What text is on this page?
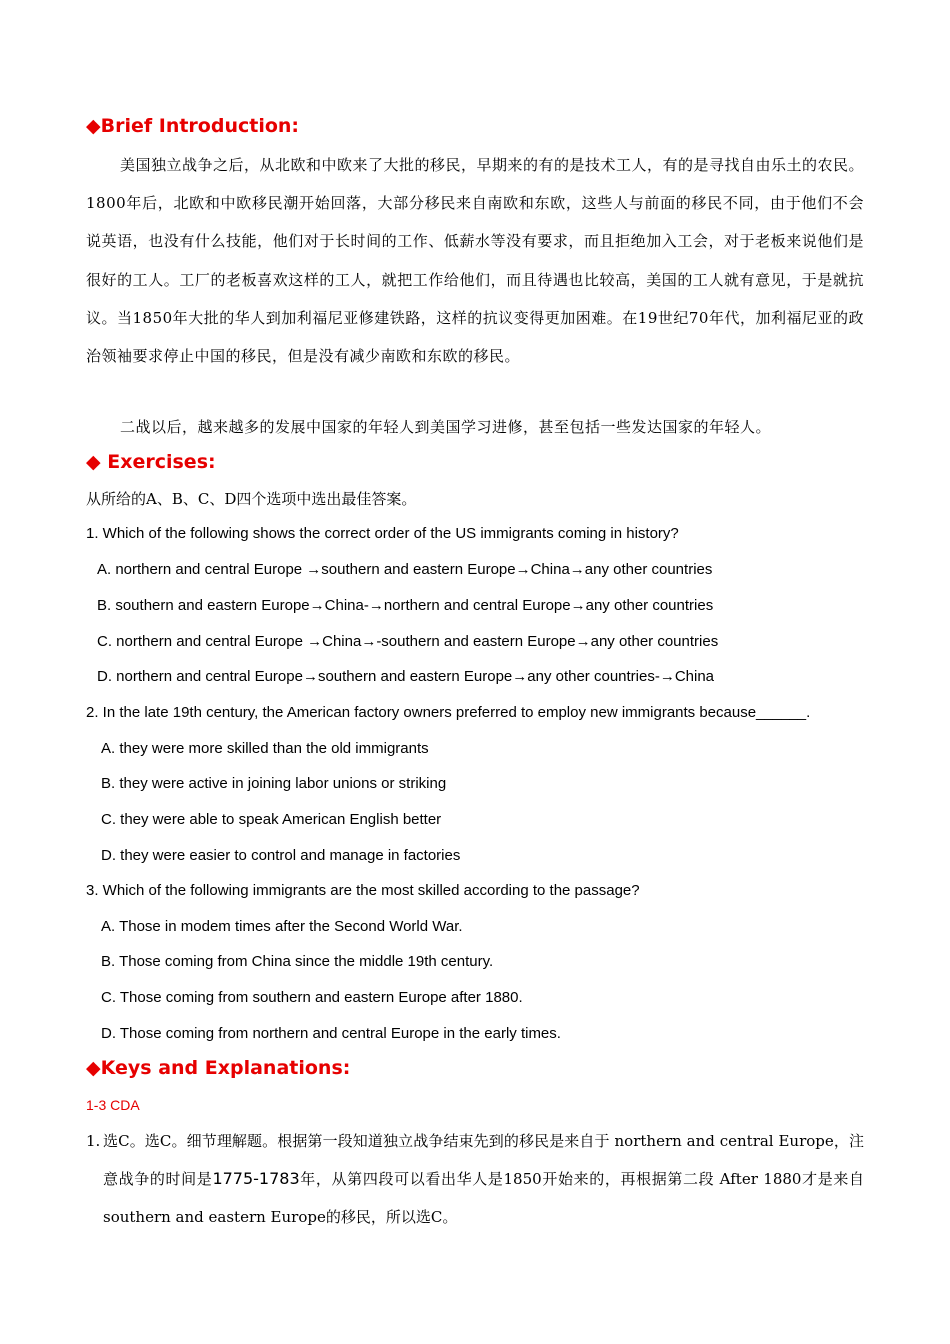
◆Brief Introduction:
美国独立战争之后，从北欧和中欧来了大批的移民，早期来的有的是技术工人，有的是寻找自由乐土的农民。1800年后，北欧和中欧移民潮开始回落，大部分移民来自南欧和东欧，这些人与前面的移民不同，由于他们不会说英语，也没有什么技能，他们对于长时间的工作、低薪水等没有要求，而且拒绝加入工会，对于老板来说他们是很好的工人。工厂的老板喜欢这样的工人，就把工作给他们，而且待遇也比较高，美国的工人就有意见，于是就抗议。当1850年大批的华人到加利福尼亚修建铁路，这样的抗议变得更加困难。在19世纪70年代，加利福尼亚的政治领袖要求停止中国的移民，但是没有减少南欧和东欧的移民。
二战以后，越来越多的发展中国家的年轻人到美国学习进修，甚至包括一些发达国家的年轻人。
◆ Exercises:
从所给的A、B、C、D四个选项中选出最佳答案。
1. Which of the following shows the correct order of the US immigrants coming in history?
A. northern and central Europe →southern and eastern Europe→China→any other countries
B. southern and eastern Europe→China-→northern and central Europe→any other countries
C. northern and central Europe →China→-southern and eastern Europe→any other countries
D. northern and central Europe→southern and eastern Europe→any other countries-→China
2. In the late 19th century, the American factory owners preferred to employ new immigrants because______.
A. they were more skilled than the old immigrants
B. they were active in joining labor unions or striking
C. they were able to speak American English better
D. they were easier to control and manage in factories
3. Which of the following immigrants are the most skilled according to the passage?
A. Those in modem times after the Second World War.
B. Those coming from China since the middle 19th century.
C. Those coming from southern and eastern Europe after 1880.
D. Those coming from northern and central Europe in the early times.
◆Keys and Explanations:
1-3 CDA
1. 选C。选C。细节理解题。根据第一段知道独立战争结束先到的移民是来自于 northern and central Europe，注意战争的时间是1775-1783年，从第四段可以看出华人是1850开始来的，再根据第二段 After 1880才是来自southern and eastern Europe的移民，所以选C。
